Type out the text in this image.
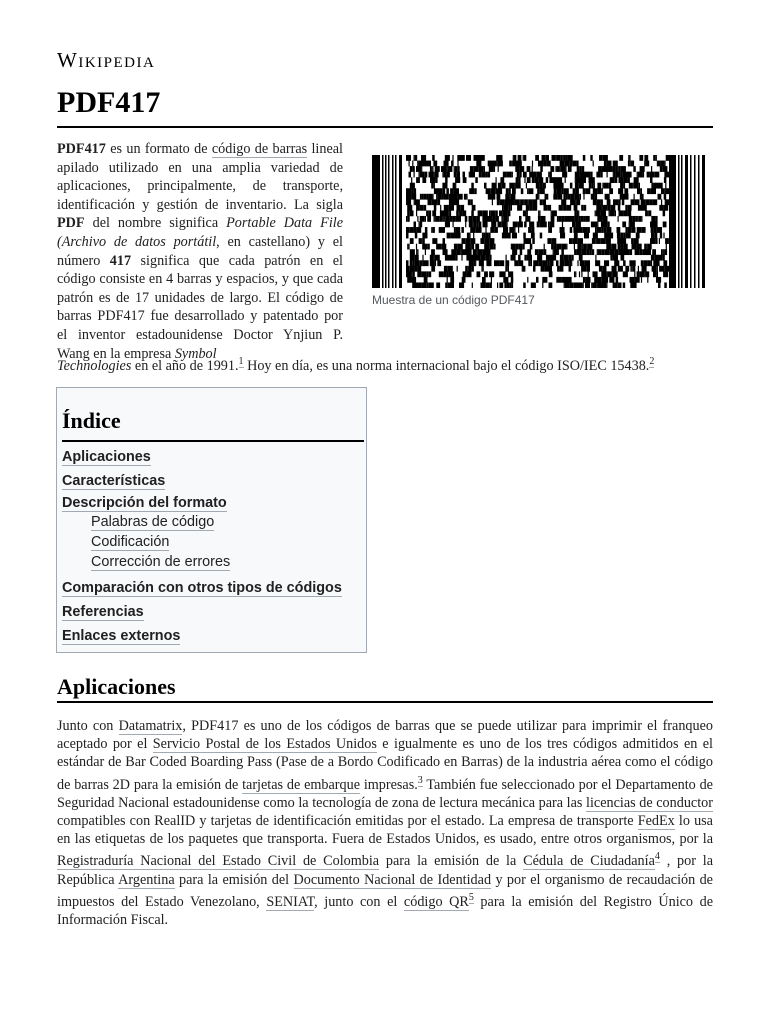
Wikipedia
PDF417
PDF417 es un formato de código de barras lineal apilado utilizado en una amplia variedad de aplicaciones, principalmente, de transporte, identificación y gestión de inventario. La sigla PDF del nombre significa Portable Data File (Archivo de datos portátil, en castellano) y el número 417 significa que cada patrón en el código consiste en 4 barras y espacios, y que cada patrón es de 17 unidades de largo. El código de barras PDF417 fue desarrollado y patentado por el inventor estadounidense Doctor Ynjiun P. Wang en la empresa Symbol
Technologies en el año de 1991.$^1$ Hoy en día, es una norma internacional bajo el código ISO/IEC 15438.$^2$
Muestra de un código PDF417
Índice
Aplicaciones
Características
Descripción del formato
Palabras de código
Codificación
Corrección de errores
Comparación con otros tipos de códigos
Referencias
Enlaces externos
Aplicaciones
Junto con Datamatrix, PDF417 es uno de los códigos de barras que se puede utilizar para imprimir el franqueo aceptado por el Servicio Postal de los Estados Unidos e igualmente es uno de los tres códigos admitidos en el estándar de Bar Coded Boarding Pass (Pase de a Bordo Codificado en Barras) de la industria aérea como el código de barras 2D para la emisión de tarjetas de embarque impresas.$^3$ También fue seleccionado por el Departamento de Seguridad Nacional estadounidense como la tecnología de zona de lectura mecánica para las licencias de conductor compatibles con RealID y tarjetas de identificación emitidas por el estado. La empresa de transporte FedEx lo usa en las etiquetas de los paquetes que transporta. Fuera de Estados Unidos, es usado, entre otros organismos, por la Registraduría Nacional del Estado Civil de Colombia para la emisión de la Cédula de Ciudadanía$^4$ , por la República Argentina para la emisión del Documento Nacional de Identidad y por el organismo de recaudación de impuestos del Estado Venezolano, SENIAT, junto con el código QR$^5$ para la emisión del Registro Único de Información Fiscal.
